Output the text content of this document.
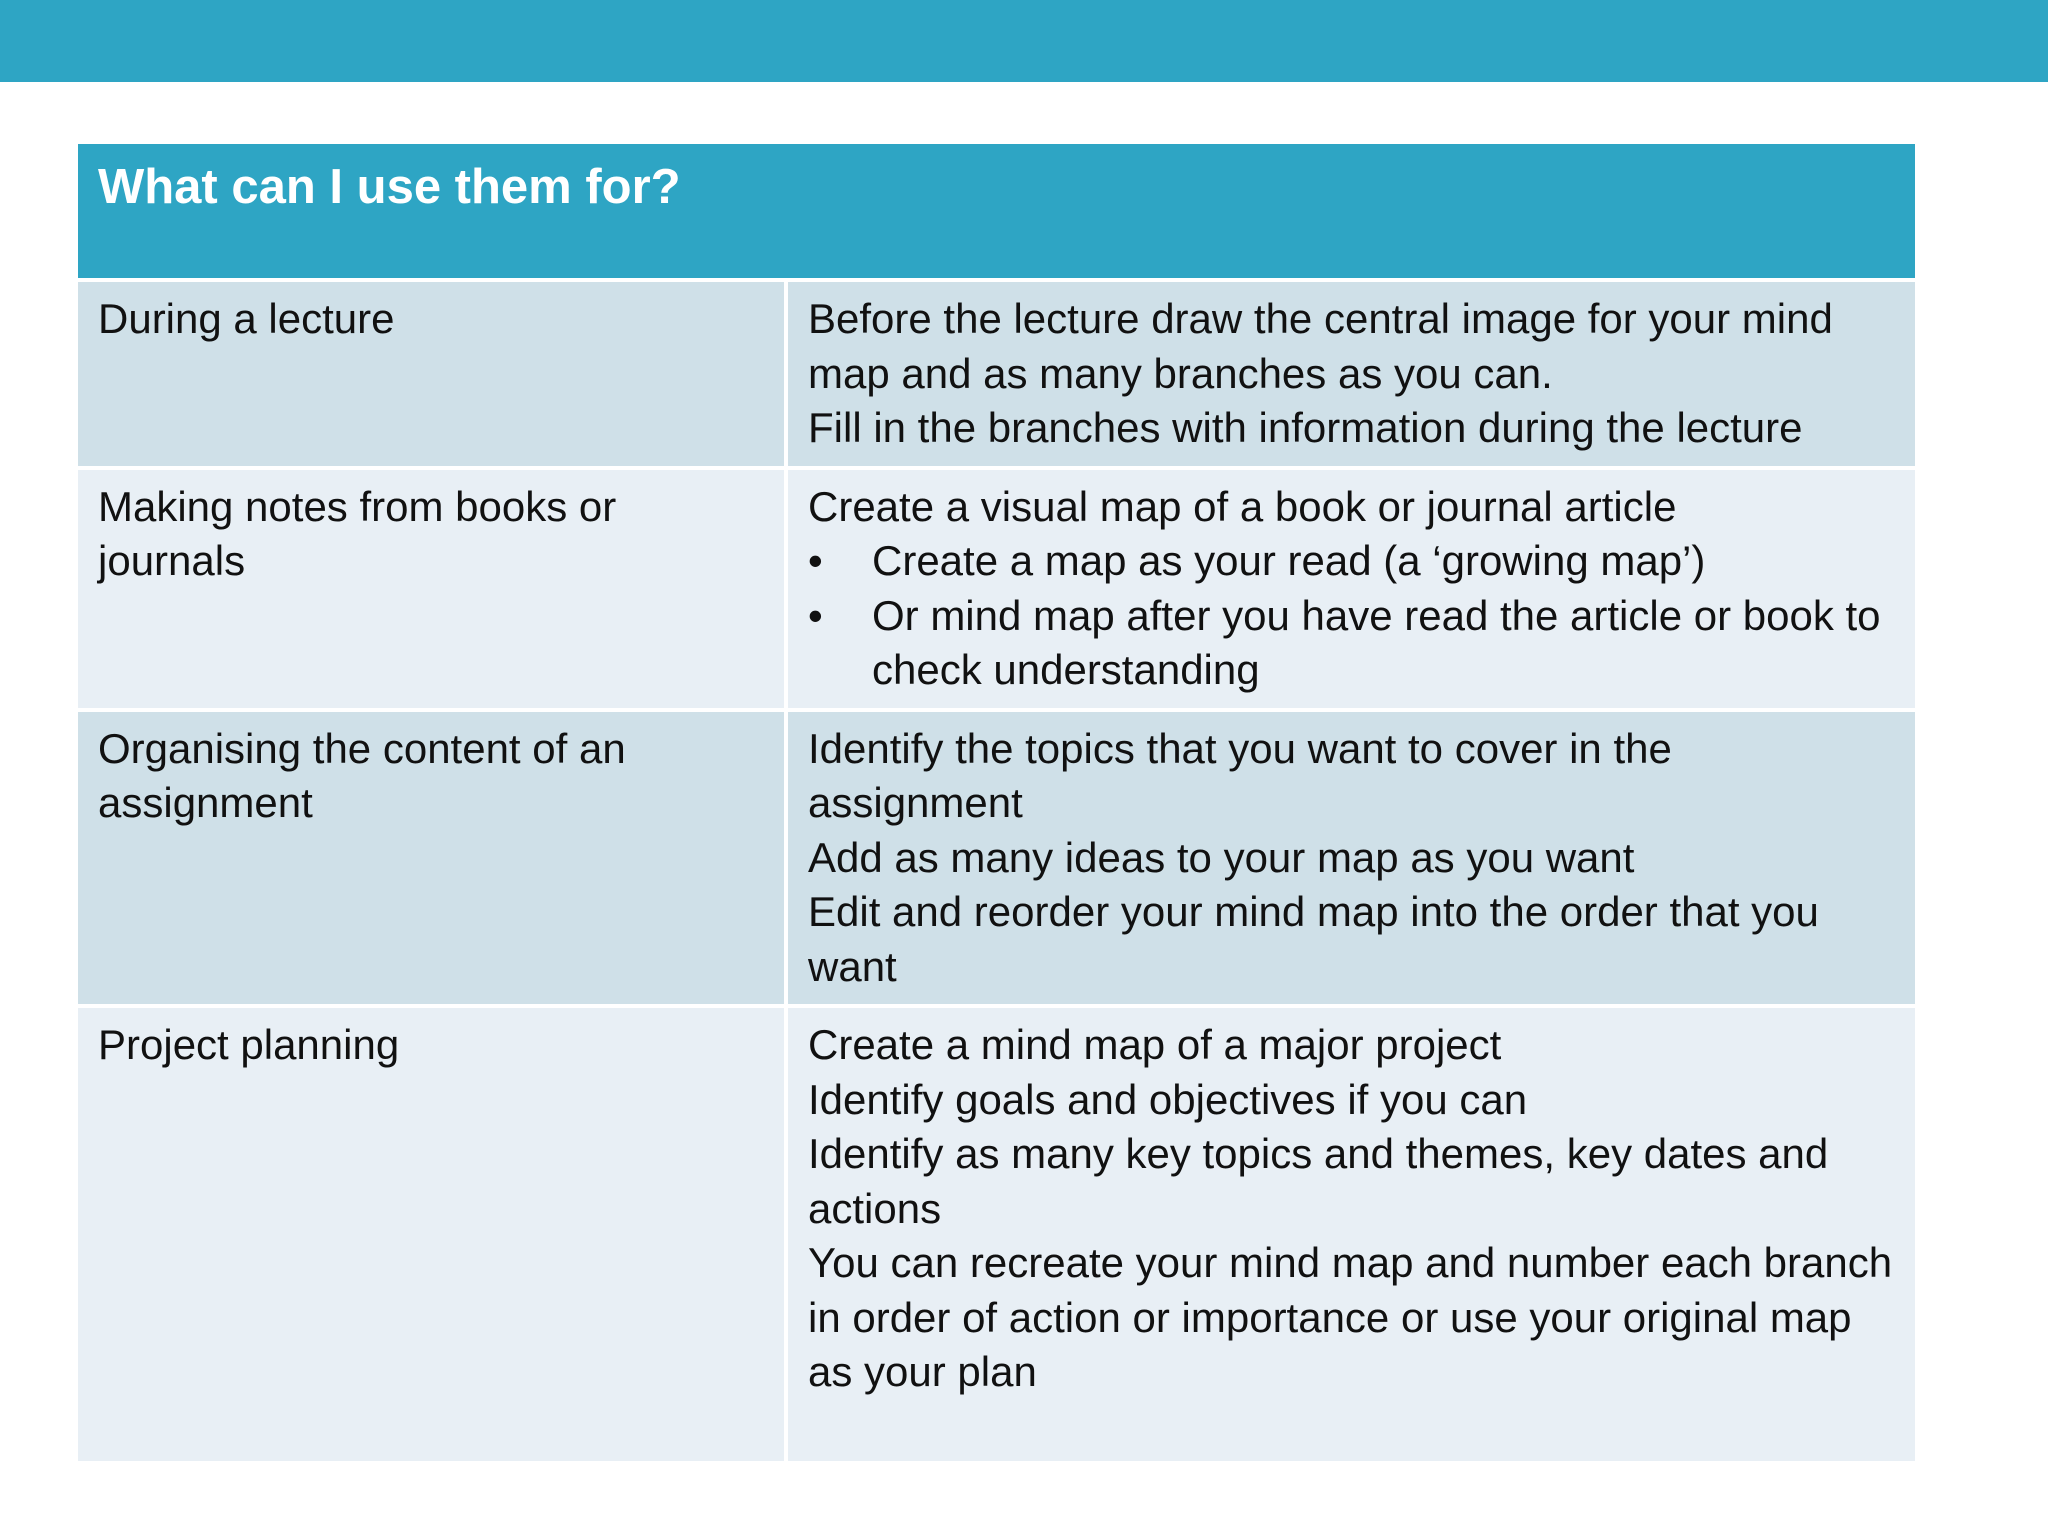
What can I use them for?	
During a lecture	Before the lecture draw the central image for your mind map and as many branches as you can.
Fill in the branches with information during the lecture

Making notes from books or journals	Create a visual map of a book or journal article
• Create a map as your read (a ‘growing map’)
• Or mind map after you have read the article or book to check understanding

Organising the content of an assignment	Identify the topics that you want to cover in the assignment
Add as many ideas to your map as you want
Edit and reorder your mind map into the order that you want

Project planning	Create a mind map of a major project
Identify goals and objectives if you can
Identify as many key topics and themes, key dates and actions
You can recreate your mind map and number each branch in order of action or importance or use your original map as your plan
